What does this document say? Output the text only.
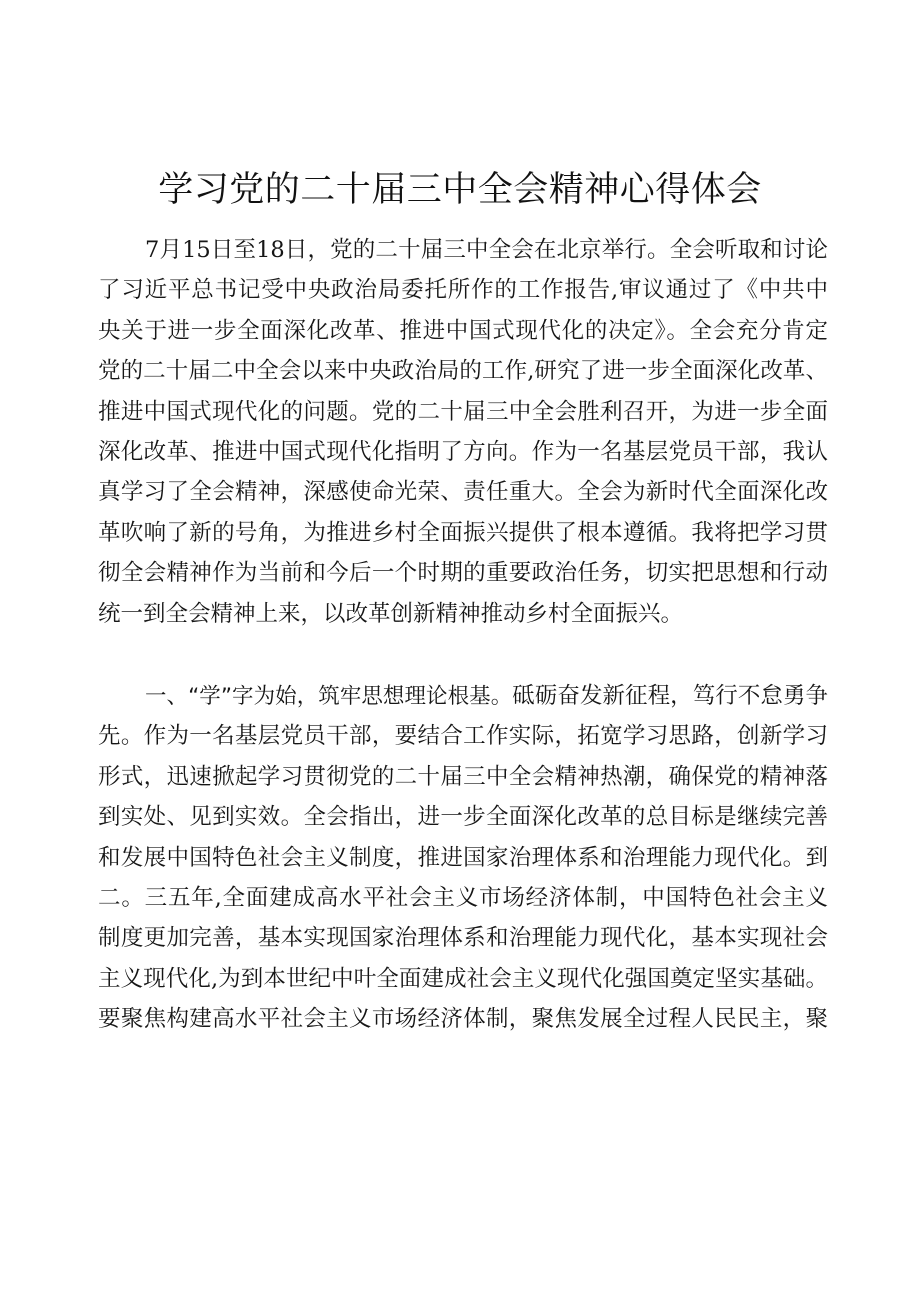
学习党的二十届三中全会精神心得体会
7月15日至18日，党的二十届三中全会在北京举行。全会听取和讨论
了习近平总书记受中央政治局委托所作的工作报告,审议通过了《中共中
央关于进一步全面深化改革、推进中国式现代化的决定》。全会充分肯定
党的二十届二中全会以来中央政治局的工作,研究了进一步全面深化改革、
推进中国式现代化的问题。党的二十届三中全会胜利召开，为进一步全面
深化改革、推进中国式现代化指明了方向。作为一名基层党员干部，我认
真学习了全会精神，深感使命光荣、责任重大。全会为新时代全面深化改
革吹响了新的号角，为推进乡村全面振兴提供了根本遵循。我将把学习贯
彻全会精神作为当前和今后一个时期的重要政治任务，切实把思想和行动
统一到全会精神上来，以改革创新精神推动乡村全面振兴。
一、“学”字为始，筑牢思想理论根基。砥砺奋发新征程，笃行不怠勇争
先。作为一名基层党员干部，要结合工作实际，拓宽学习思路，创新学习
形式，迅速掀起学习贯彻党的二十届三中全会精神热潮，确保党的精神落
到实处、见到实效。全会指出，进一步全面深化改革的总目标是继续完善
和发展中国特色社会主义制度，推进国家治理体系和治理能力现代化。到
二。三五年,全面建成高水平社会主义市场经济体制，中国特色社会主义
制度更加完善，基本实现国家治理体系和治理能力现代化，基本实现社会
主义现代化,为到本世纪中叶全面建成社会主义现代化强国奠定坚实基础。
要聚焦构建高水平社会主义市场经济体制，聚焦发展全过程人民民主，聚
